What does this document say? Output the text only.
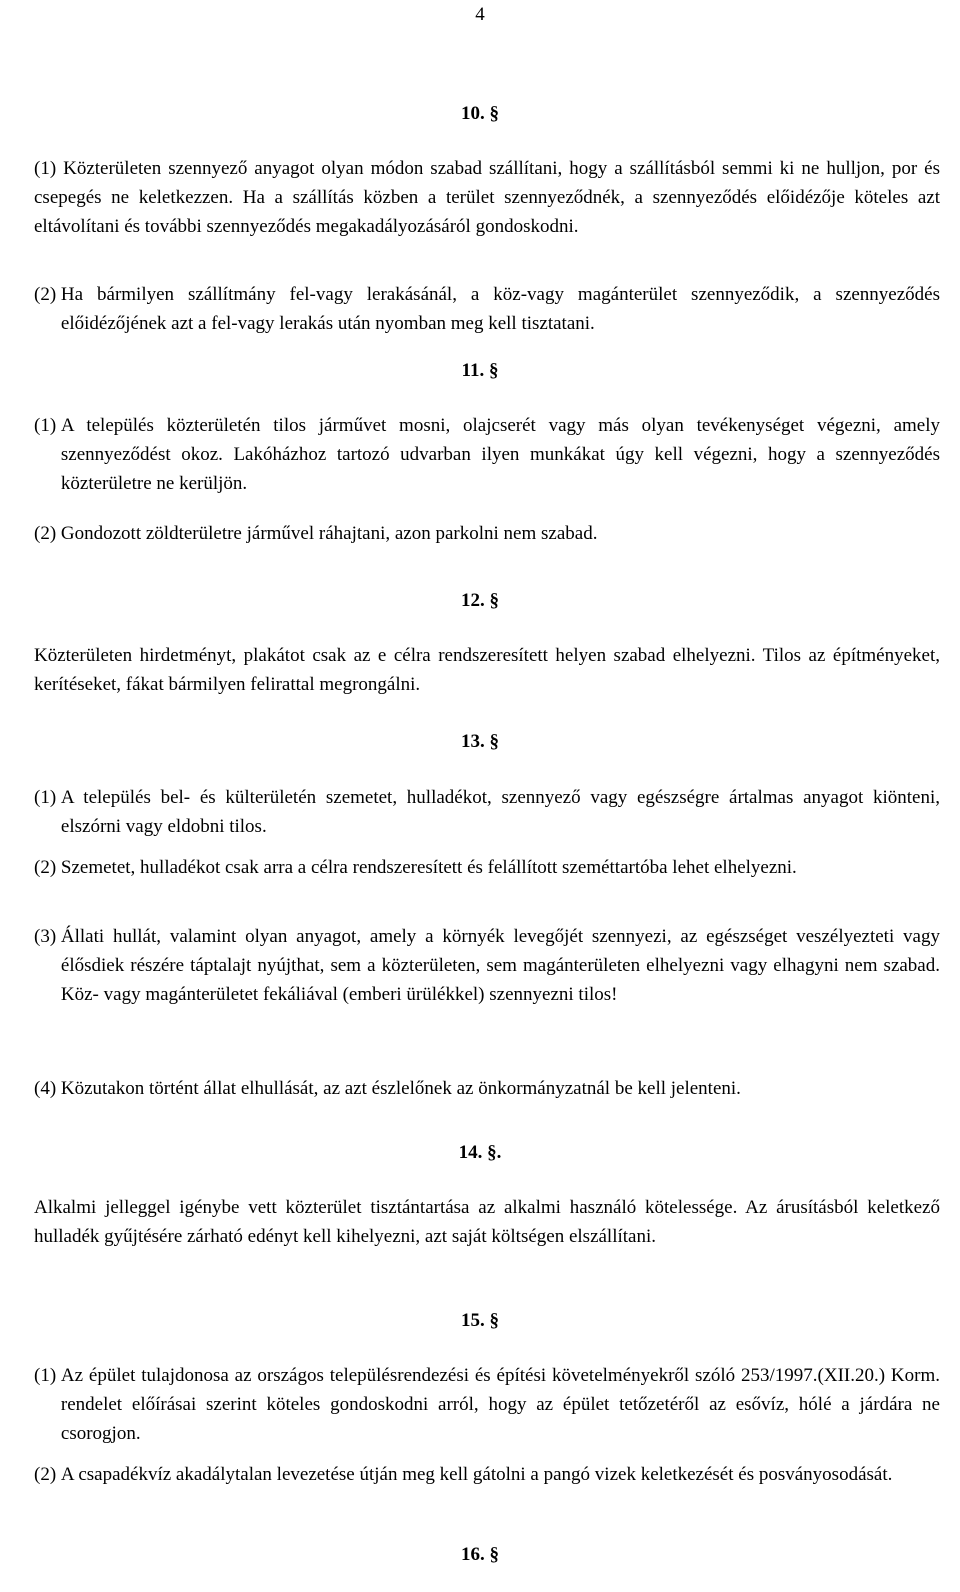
4
10. §
(1) Közterületen szennyező anyagot olyan módon szabad szállítani, hogy a szállításból semmi ki ne hulljon, por és csepegés ne keletkezzen. Ha a szállítás közben a terület szennyeződnék, a szennyeződés előidézője köteles azt eltávolítani és további szennyeződés megakadályozásáról gondoskodni.
(2) Ha bármilyen szállítmány fel-vagy lerakásánál, a köz-vagy magánterület szennyeződik, a szennyeződés előidézőjének azt a fel-vagy lerakás után nyomban meg kell tisztatani.
11. §
(1) A település közterületén tilos járművet mosni, olajcserét vagy más olyan tevékenységet végezni, amely szennyeződést okoz. Lakóházhoz tartozó udvarban ilyen munkákat úgy kell végezni, hogy a szennyeződés közterületre ne kerüljön.
(2) Gondozott zöldterületre járművel ráhajtani, azon parkolni nem szabad.
12. §
Közterületen hirdetményt, plakátot csak az e célra rendszeresített helyen szabad elhelyezni. Tilos az építményeket, kerítéseket, fákat bármilyen felirattal megrongálni.
13. §
(1) A település bel- és külterületén szemetet, hulladékot, szennyező vagy egészségre ártalmas anyagot kiönteni, elszórni vagy eldobni tilos.
(2) Szemetet, hulladékot csak arra a célra rendszeresített és felállított szeméttartóba lehet elhelyezni.
(3) Állati hullát, valamint olyan anyagot, amely a környék levegőjét szennyezi, az egészséget veszélyezteti vagy élősdiek részére táptalajt nyújthat, sem a közterületen, sem magánterületen elhelyezni vagy elhagyni nem szabad. Köz- vagy magánterületet fekáliával (emberi ürülékkel) szennyezni tilos!
(4) Közutakon történt állat elhullását, az azt észlelőnek az önkormányzatnál be kell jelenteni.
14. §.
Alkalmi jelleggel igénybe vett közterület tisztántartása az alkalmi használó kötelessége. Az árusításból keletkező hulladék gyűjtésére zárható edényt kell kihelyezni, azt saját költségen elszállítani.
15. §
(1) Az épület tulajdonosa az országos településrendezési és építési követelményekről szóló 253/1997.(XII.20.) Korm. rendelet előírásai szerint köteles gondoskodni arról, hogy az épület tetőzetéről az esővíz, hólé a járdára ne csorogjon.
(2) A csapadékvíz akadálytalan levezetése útján meg kell gátolni a pangó vizek keletkezését és posványosodását.
16. §
